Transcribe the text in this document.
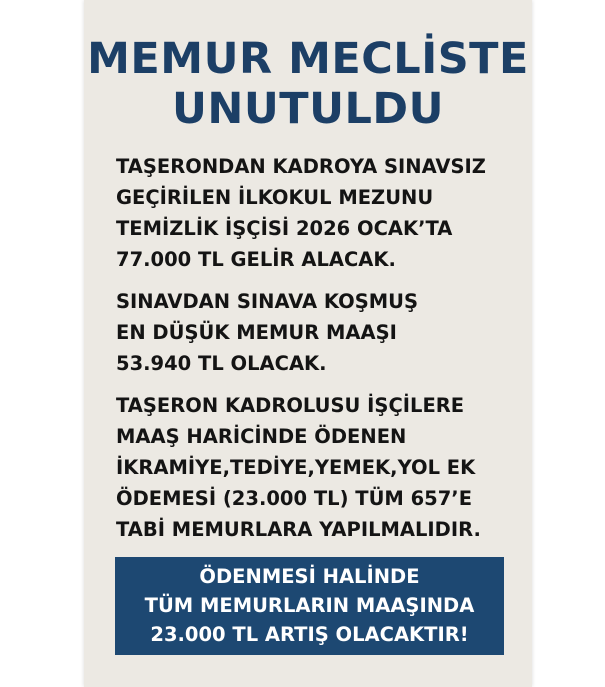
MEMUR MECLİSTE
UNUTULDU
TAŞERONDAN KADROYA SINAVSIZ
GEÇİRİLEN İLKOKUL MEZUNU
TEMİZLİK İŞÇİSİ 2026 OCAK’TA
77.000 TL GELİR ALACAK.
SINAVDAN SINAVA KOŞMUŞ
EN DÜŞÜK MEMUR MAAŞI
53.940 TL OLACAK.
TAŞERON KADROLUSU İŞÇİLERE
MAAŞ HARİCİNDE ÖDENEN
İKRAMİYE,TEDİYE,YEMEK,YOL EK
ÖDEMESİ (23.000 TL) TÜM 657’E
TABİ MEMURLARA YAPILMALIDIR.
ÖDENMESİ HALİNDE
TÜM MEMURLARIN MAAŞINDA
23.000 TL ARTIŞ OLACAKTIR!
